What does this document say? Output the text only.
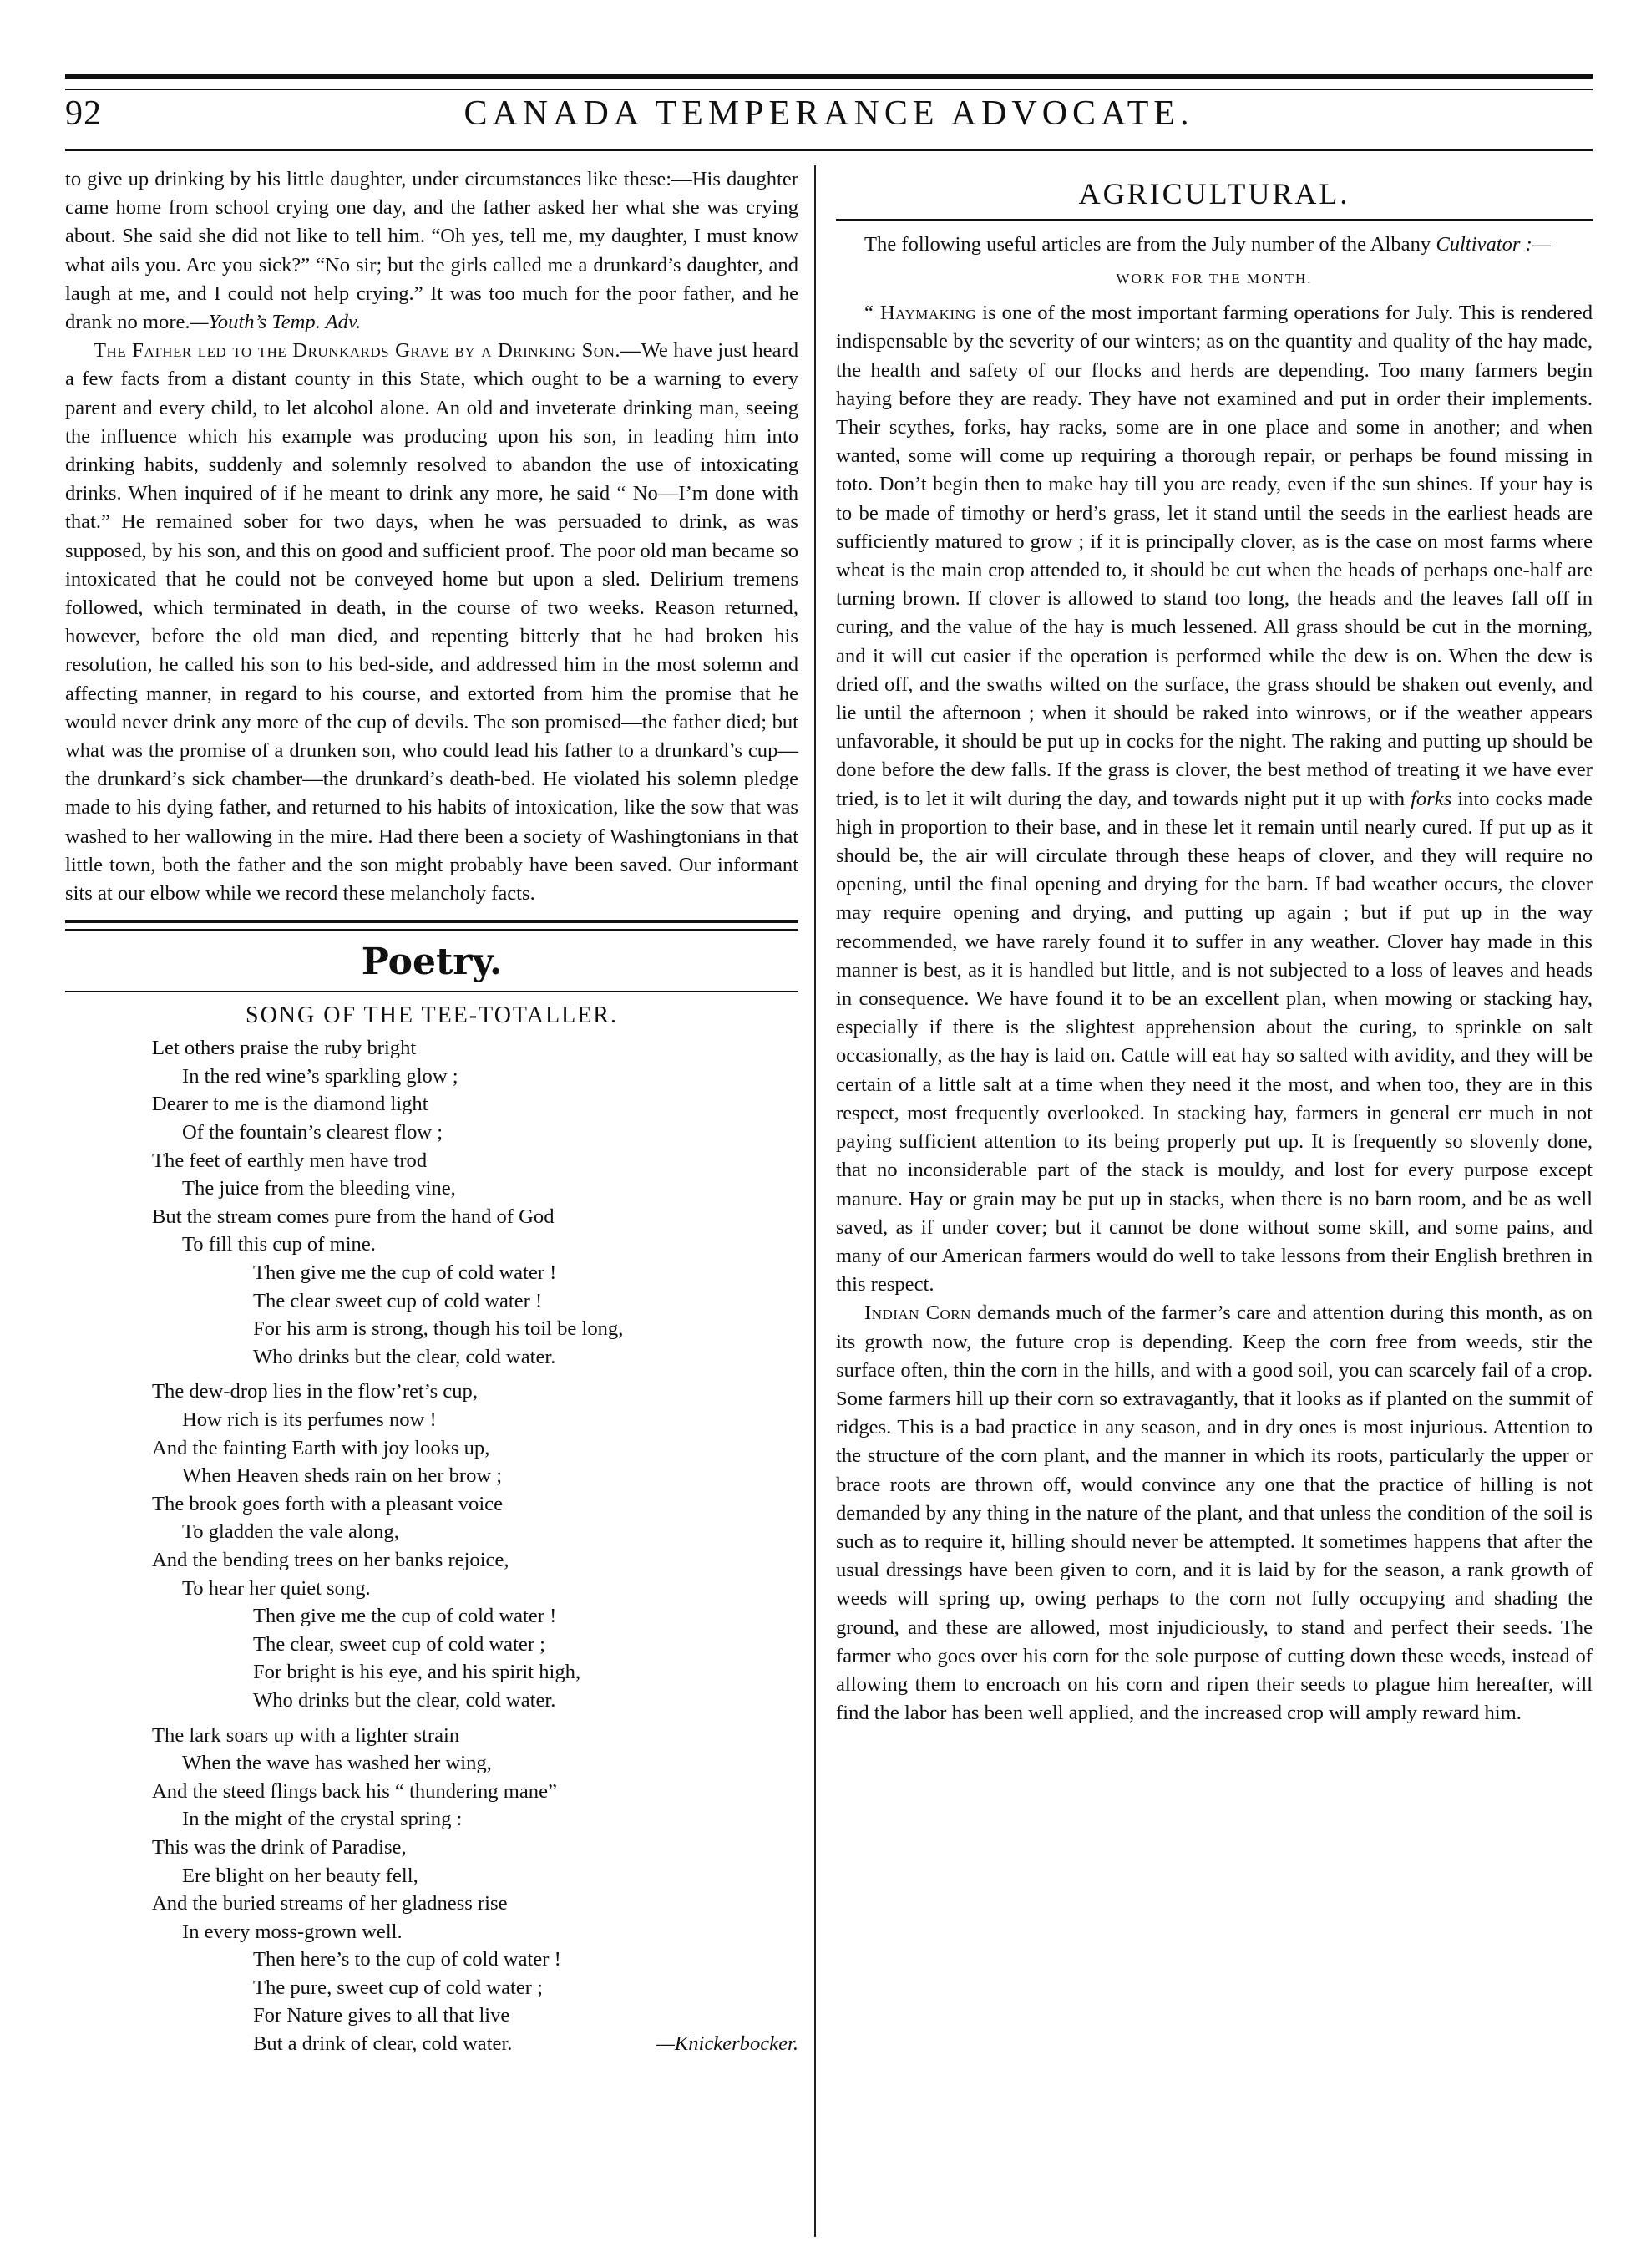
92	CANADA TEMPERANCE ADVOCATE.

to give up drinking by his little daughter, under circumstances like these:—His daughter came home from school crying one day, and the father asked her what she was crying about. She said she did not like to tell him. “Oh yes, tell me, my daughter, I must know what ails you. Are you sick?” “No sir; but the girls called me a drunkard’s daughter, and laugh at me, and I could not help crying.” It was too much for the poor father, and he drank no more.—Youth’s Temp. Adv.

The Father led to the Drunkards Grave by a Drinking Son.—We have just heard a few facts from a distant county in this State, which ought to be a warning to every parent and every child, to let alcohol alone. An old and inveterate drinking man, seeing the influence which his example was producing upon his son, in leading him into drinking habits, suddenly and solemnly resolved to abandon the use of intoxicating drinks. When inquired of if he meant to drink any more, he said “ No—I’m done with that.” He remained sober for two days, when he was persuaded to drink, as was supposed, by his son, and this on good and sufficient proof. The poor old man became so intoxicated that he could not be conveyed home but upon a sled. Delirium tremens followed, which terminated in death, in the course of two weeks. Reason returned, however, before the old man died, and repenting bitterly that he had broken his resolution, he called his son to his bed-side, and addressed him in the most solemn and affecting manner, in regard to his course, and extorted from him the promise that he would never drink any more of the cup of devils. The son promised—the father died; but what was the promise of a drunken son, who could lead his father to a drunkard’s cup—the drunkard’s sick chamber—the drunkard’s death-bed. He violated his solemn pledge made to his dying father, and returned to his habits of intoxication, like the sow that was washed to her wallowing in the mire. Had there been a society of Washingtonians in that little town, both the father and the son might probably have been saved. Our informant sits at our elbow while we record these melancholy facts.

Poetry.
SONG OF THE TEE-TOTALLER.
Let others praise the ruby bright
In the red wine’s sparkling glow ;
Dearer to me is the diamond light
Of the fountain’s clearest flow ;
The feet of earthly men have trod
The juice from the bleeding vine,
But the stream comes pure from the hand of God
To fill this cup of mine.
Then give me the cup of cold water !
The clear sweet cup of cold water !
For his arm is strong, though his toil be long,
Who drinks but the clear, cold water.
The dew-drop lies in the flow’ret’s cup,
How rich is its perfumes now !
And the fainting Earth with joy looks up,
When Heaven sheds rain on her brow ;
The brook goes forth with a pleasant voice
To gladden the vale along,
And the bending trees on her banks rejoice,
To hear her quiet song.
Then give me the cup of cold water !
The clear, sweet cup of cold water ;
For bright is his eye, and his spirit high,
Who drinks but the clear, cold water.
The lark soars up with a lighter strain
When the wave has washed her wing,
And the steed flings back his “ thundering mane”
In the might of the crystal spring :
This was the drink of Paradise,
Ere blight on her beauty fell,
And the buried streams of her gladness rise
In every moss-grown well.
Then here’s to the cup of cold water !
The pure, sweet cup of cold water ;
For Nature gives to all that live
But a drink of clear, cold water.	—Knickerbocker.
AGRICULTURAL.

The following useful articles are from the July number of the Albany Cultivator :—

WORK FOR THE MONTH.

“ Haymaking is one of the most important farming operations for July. This is rendered indispensable by the severity of our winters; as on the quantity and quality of the hay made, the health and safety of our flocks and herds are depending. Too many farmers begin haying before they are ready. They have not examined and put in order their implements. Their scythes, forks, hay racks, some are in one place and some in another; and when wanted, some will come up requiring a thorough repair, or perhaps be found missing in toto. Don’t begin then to make hay till you are ready, even if the sun shines. If your hay is to be made of timothy or herd’s grass, let it stand until the seeds in the earliest heads are sufficiently matured to grow ; if it is principally clover, as is the case on most farms where wheat is the main crop attended to, it should be cut when the heads of perhaps one-half are turning brown. If clover is allowed to stand too long, the heads and the leaves fall off in curing, and the value of the hay is much lessened. All grass should be cut in the morning, and it will cut easier if the operation is performed while the dew is on. When the dew is dried off, and the swaths wilted on the surface, the grass should be shaken out evenly, and lie until the afternoon ; when it should be raked into winrows, or if the weather appears unfavorable, it should be put up in cocks for the night. The raking and putting up should be done before the dew falls. If the grass is clover, the best method of treating it we have ever tried, is to let it wilt during the day, and towards night put it up with forks into cocks made high in proportion to their base, and in these let it remain until nearly cured. If put up as it should be, the air will circulate through these heaps of clover, and they will require no opening, until the final opening and drying for the barn. If bad weather occurs, the clover may require opening and drying, and putting up again ; but if put up in the way recommended, we have rarely found it to suffer in any weather. Clover hay made in this manner is best, as it is handled but little, and is not subjected to a loss of leaves and heads in consequence. We have found it to be an excellent plan, when mowing or stacking hay, especially if there is the slightest apprehension about the curing, to sprinkle on salt occasionally, as the hay is laid on. Cattle will eat hay so salted with avidity, and they will be certain of a little salt at a time when they need it the most, and when too, they are in this respect, most frequently overlooked. In stacking hay, farmers in general err much in not paying sufficient attention to its being properly put up. It is frequently so slovenly done, that no inconsiderable part of the stack is mouldy, and lost for every purpose except manure. Hay or grain may be put up in stacks, when there is no barn room, and be as well saved, as if under cover; but it cannot be done without some skill, and some pains, and many of our American farmers would do well to take lessons from their English brethren in this respect.

Indian Corn demands much of the farmer’s care and attention during this month, as on its growth now, the future crop is depending. Keep the corn free from weeds, stir the surface often, thin the corn in the hills, and with a good soil, you can scarcely fail of a crop. Some farmers hill up their corn so extravagantly, that it looks as if planted on the summit of ridges. This is a bad practice in any season, and in dry ones is most injurious. Attention to the structure of the corn plant, and the manner in which its roots, particularly the upper or brace roots are thrown off, would convince any one that the practice of hilling is not demanded by any thing in the nature of the plant, and that unless the condition of the soil is such as to require it, hilling should never be attempted. It sometimes happens that after the usual dressings have been given to corn, and it is laid by for the season, a rank growth of weeds will spring up, owing perhaps to the corn not fully occupying and shading the ground, and these are allowed, most injudiciously, to stand and perfect their seeds. The farmer who goes over his corn for the sole purpose of cutting down these weeds, instead of allowing them to encroach on his corn and ripen their seeds to plague him hereafter, will find the labor has been well applied, and the increased crop will amply reward him.
